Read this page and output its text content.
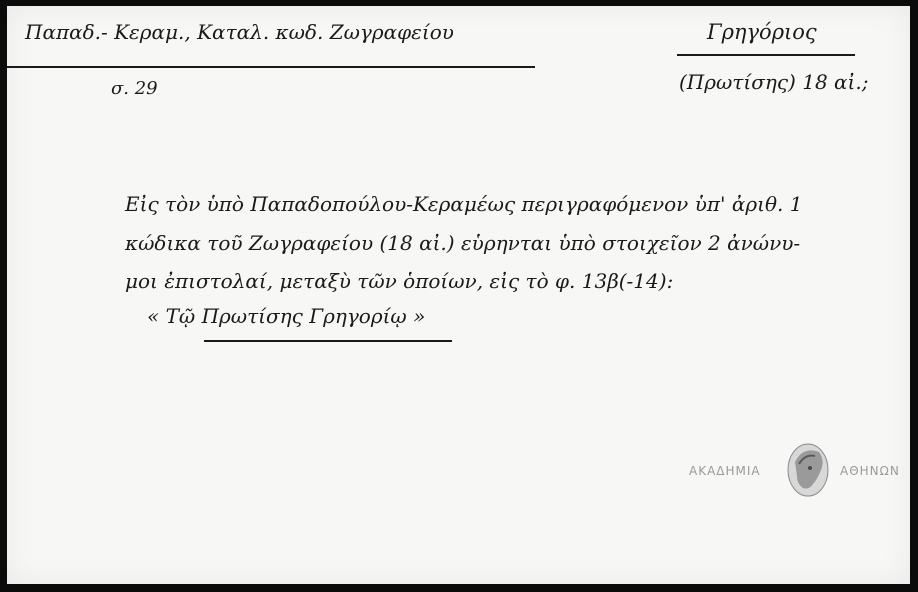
Παπαδ.- Κεραμ., Καταλ. κωδ. Ζωγραφείου
σ. 29
Γρηγόριος
(Πρωτίσης) 18 αἰ.;
Εἰς τὸν ὑπὸ Παπαδοπούλου-Κεραμέως περιγραφόμενον ὑπ' ἀριθ. 1
κώδικα τοῦ Ζωγραφείου (18 αἰ.) εὑρηνται ὑπὸ στοιχεῖον 2 ἀνώνυ-
μοι ἐπιστολαί, μεταξὺ τῶν ὁποίων, εἰς τὸ φ. 13β(-14):
« Τῷ Πρωτίσης Γρηγορίῳ »
ΑΚΑΔΗΜΙΑ	ΑΘΗΝΩΝ
